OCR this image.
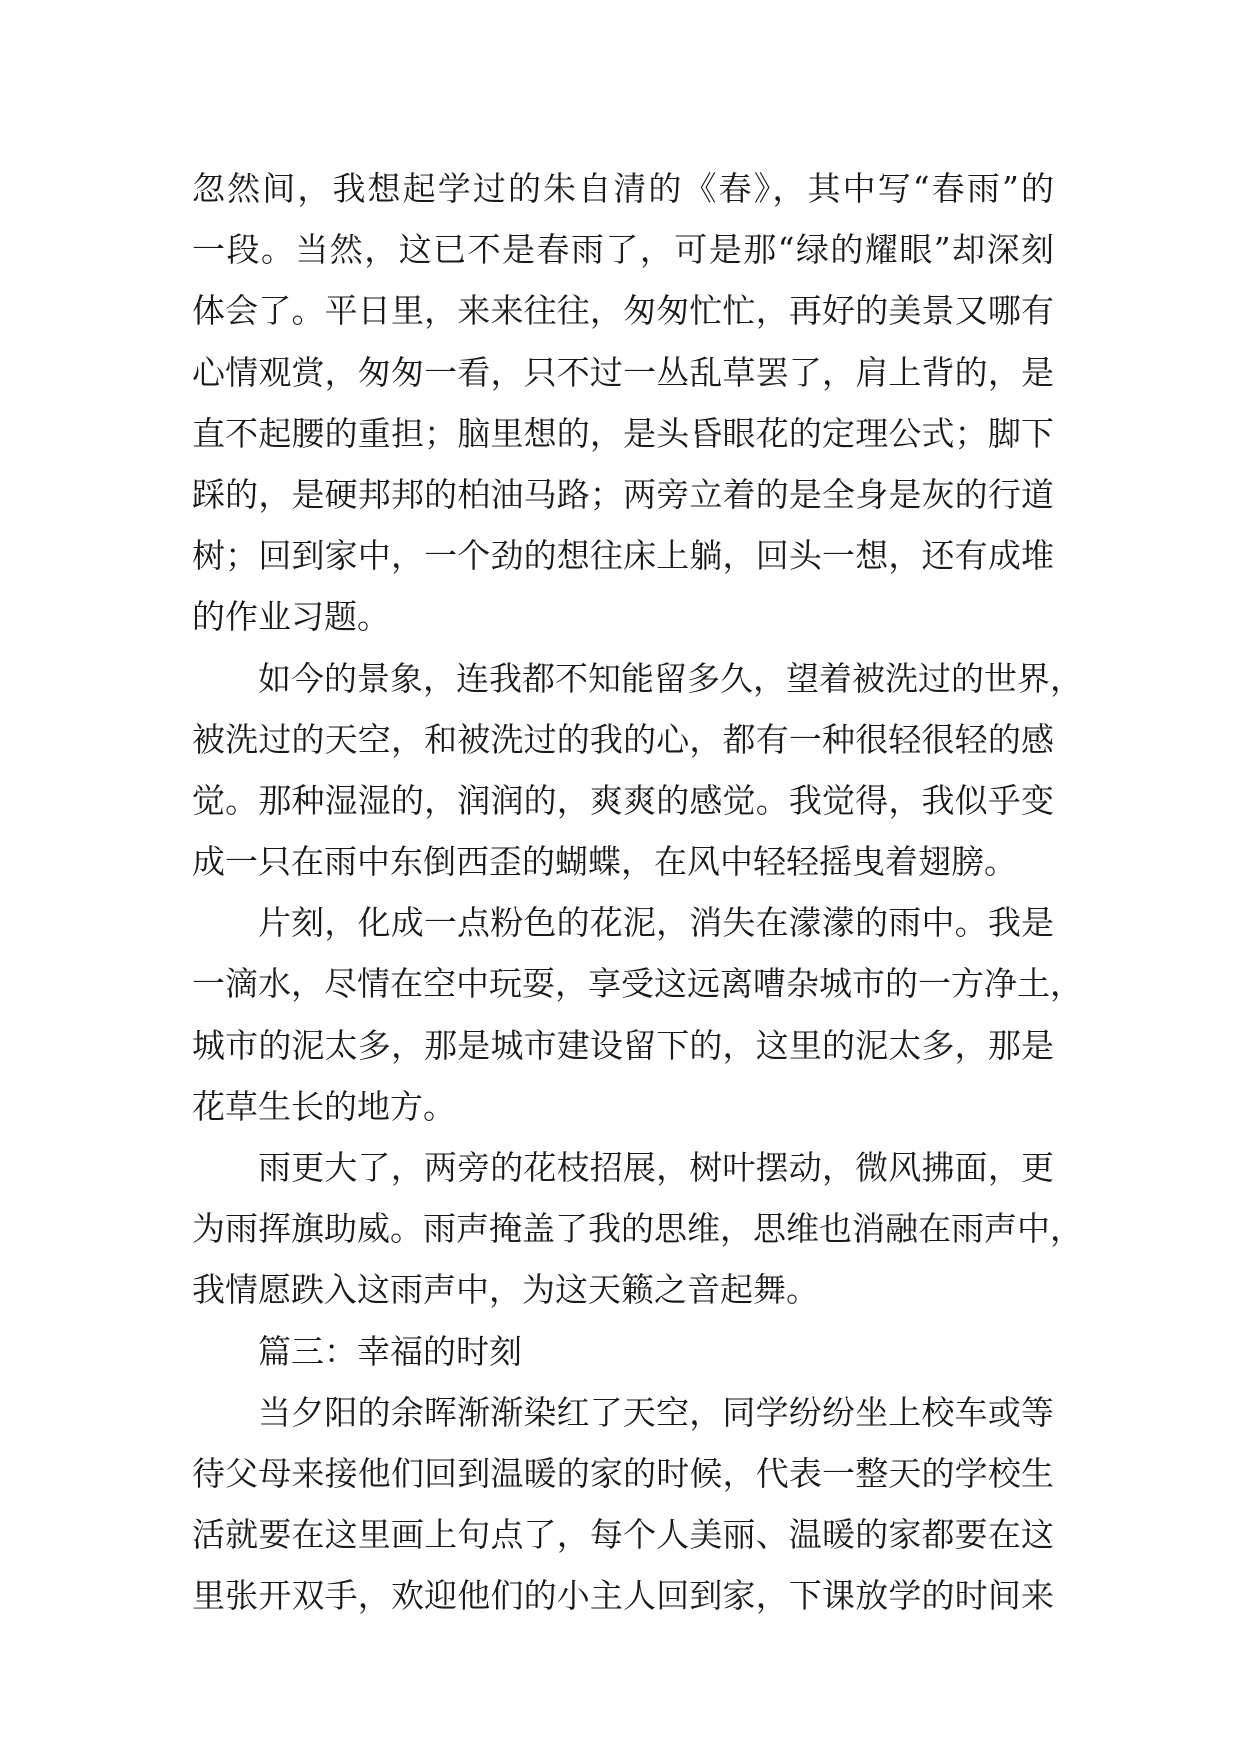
忽然间，我想起学过的朱自清的《春》，其中写“春雨”的
一段。当然，这已不是春雨了，可是那“绿的耀眼”却深刻
体会了。平日里，来来往往，匆匆忙忙，再好的美景又哪有
心情观赏，匆匆一看，只不过一丛乱草罢了，肩上背的，是
直不起腰的重担；脑里想的，是头昏眼花的定理公式；脚下
踩的，是硬邦邦的柏油马路；两旁立着的是全身是灰的行道
树；回到家中，一个劲的想往床上躺，回头一想，还有成堆
的作业习题。
如今的景象，连我都不知能留多久，望着被洗过的世界，
被洗过的天空，和被洗过的我的心，都有一种很轻很轻的感
觉。那种湿湿的，润润的，爽爽的感觉。我觉得，我似乎变
成一只在雨中东倒西歪的蝴蝶，在风中轻轻摇曳着翅膀。
片刻，化成一点粉色的花泥，消失在濛濛的雨中。我是
一滴水，尽情在空中玩耍，享受这远离嘈杂城市的一方净土，
城市的泥太多，那是城市建设留下的，这里的泥太多，那是
花草生长的地方。
雨更大了，两旁的花枝招展，树叶摆动，微风拂面，更
为雨挥旗助威。雨声掩盖了我的思维，思维也消融在雨声中，
我情愿跌入这雨声中，为这天籁之音起舞。
篇三：幸福的时刻
当夕阳的余晖渐渐染红了天空，同学纷纷坐上校车或等
待父母来接他们回到温暖的家的时候，代表一整天的学校生
活就要在这里画上句点了，每个人美丽、温暖的家都要在这
里张开双手，欢迎他们的小主人回到家，下课放学的时间来
